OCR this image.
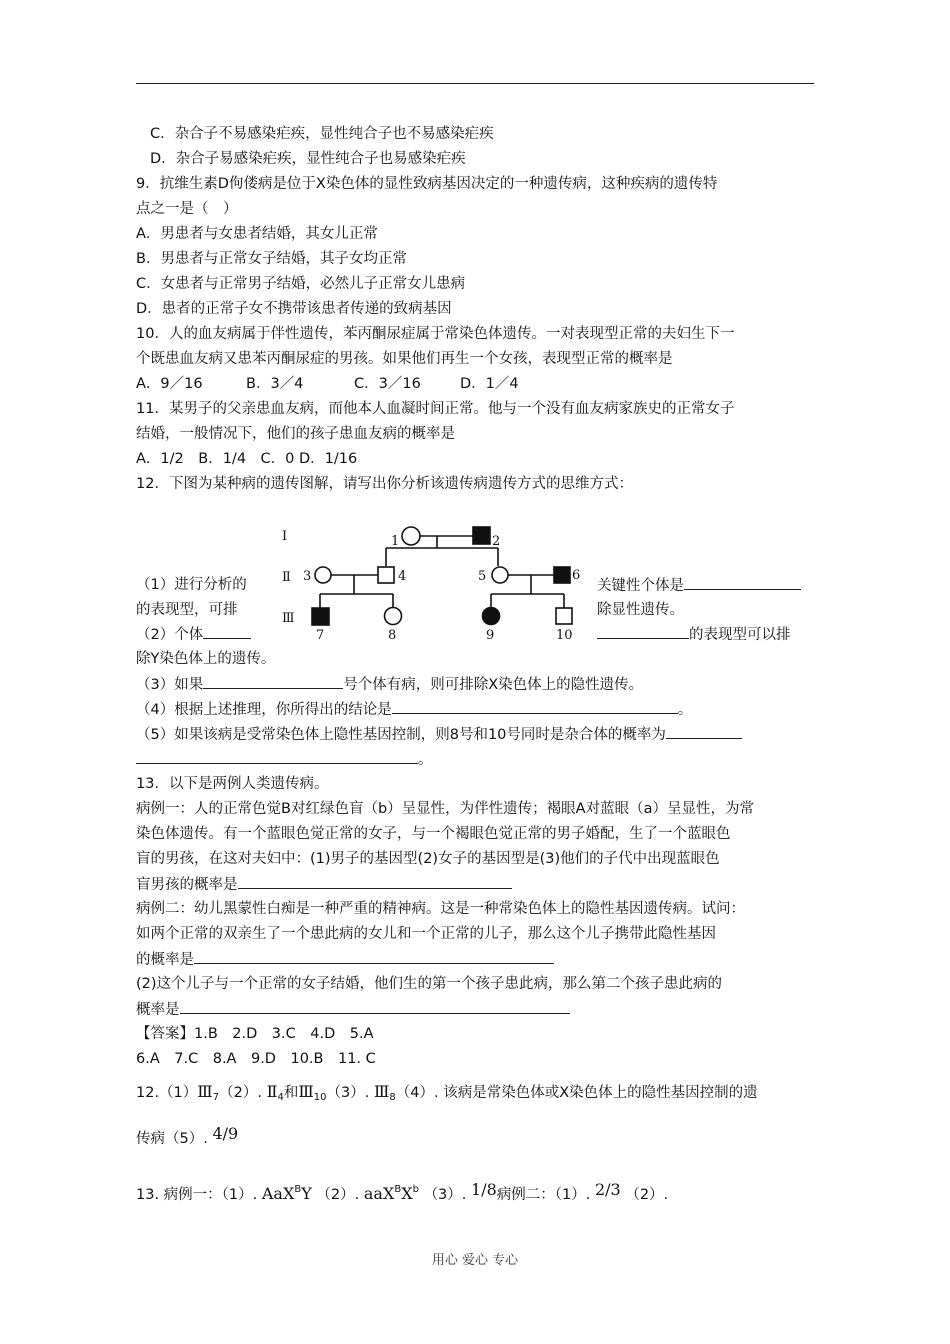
C．杂合子不易感染疟疾，显性纯合子也不易感染疟疾
D．杂合子易感染疟疾，显性纯合子也易感染疟疾
9．抗维生素D佝偻病是位于X染色体的显性致病基因决定的一种遗传病，这种疾病的遗传特
点之一是（　）
A．男患者与女患者结婚，其女儿正常
B．男患者与正常女子结婚，其子女均正常
C．女患者与正常男子结婚，必然儿子正常女儿患病
D．患者的正常子女不携带该患者传递的致病基因
10．人的血友病属于伴性遗传，苯丙酮尿症属于常染色体遗传。一对表现型正常的夫妇生下一
个既患血友病又患苯丙酮尿症的男孩。如果他们再生一个女孩，表现型正常的概率是
A．9／16	B．3／4	C．3／16	D．1／4
11．某男子的父亲患血友病，而他本人血凝时间正常。他与一个没有血友病家族史的正常女子
结婚，一般情况下，他们的孩子患血友病的概率是
A．1/2　B．1/4　C．0 D．1/16
12．下图为某种病的遗传图解，请写出你分析该遗传病遗传方式的思维方式：
Ⅰ
Ⅱ
Ⅲ
1	2
3	4	5	6
7	8	9	10
（1）进行分析的	关键性个体是
的表现型，可排	除显性遗传。
（2）个体	的表现型可以排
除Y染色体上的遗传。
（3）如果	号个体有病，则可排除X染色体上的隐性遗传。
（4）根据上述推理，你所得出的结论是	。
（5）如果该病是受常染色体上隐性基因控制，则8号和10号同时是杂合体的概率为
。
13．以下是两例人类遗传病。
病例一：人的正常色觉B对红绿色盲（b）呈显性，为伴性遗传；褐眼A对蓝眼（a）呈显性，为常
染色体遗传。有一个蓝眼色觉正常的女子，与一个褐眼色觉正常的男子婚配，生了一个蓝眼色
盲的男孩，在这对夫妇中：(1)男子的基因型(2)女子的基因型是(3)他们的子代中出现蓝眼色
盲男孩的概率是
病例二：幼儿黑蒙性白痴是一种严重的精神病。这是一种常染色体上的隐性基因遗传病。试问：
如两个正常的双亲生了一个患此病的女儿和一个正常的儿子，那么这个儿子携带此隐性基因
的概率是
(2)这个儿子与一个正常的女子结婚，他们生的第一个孩子患此病，那么第二个孩子患此病的
概率是
【答案】1.B　2.D　3.C　4.D　5.A
6.A　7.C　8.A　9.D　10.B　11. C
$12.(1)Ⅲ_7(2)$. $Ⅱ_4$和$Ⅲ_{10}(3)$. $Ⅲ_8(4)$. 该病是常染色体或X染色体上的隐性基因控制的遗
传病（5）. 4/9
13. 病例一：（1）. AaX$^B$Y （2）. $aaX^BX^b$ （3）. 1/8病例二：（1）. 2/3 （2）.
用心 爱心 专心
